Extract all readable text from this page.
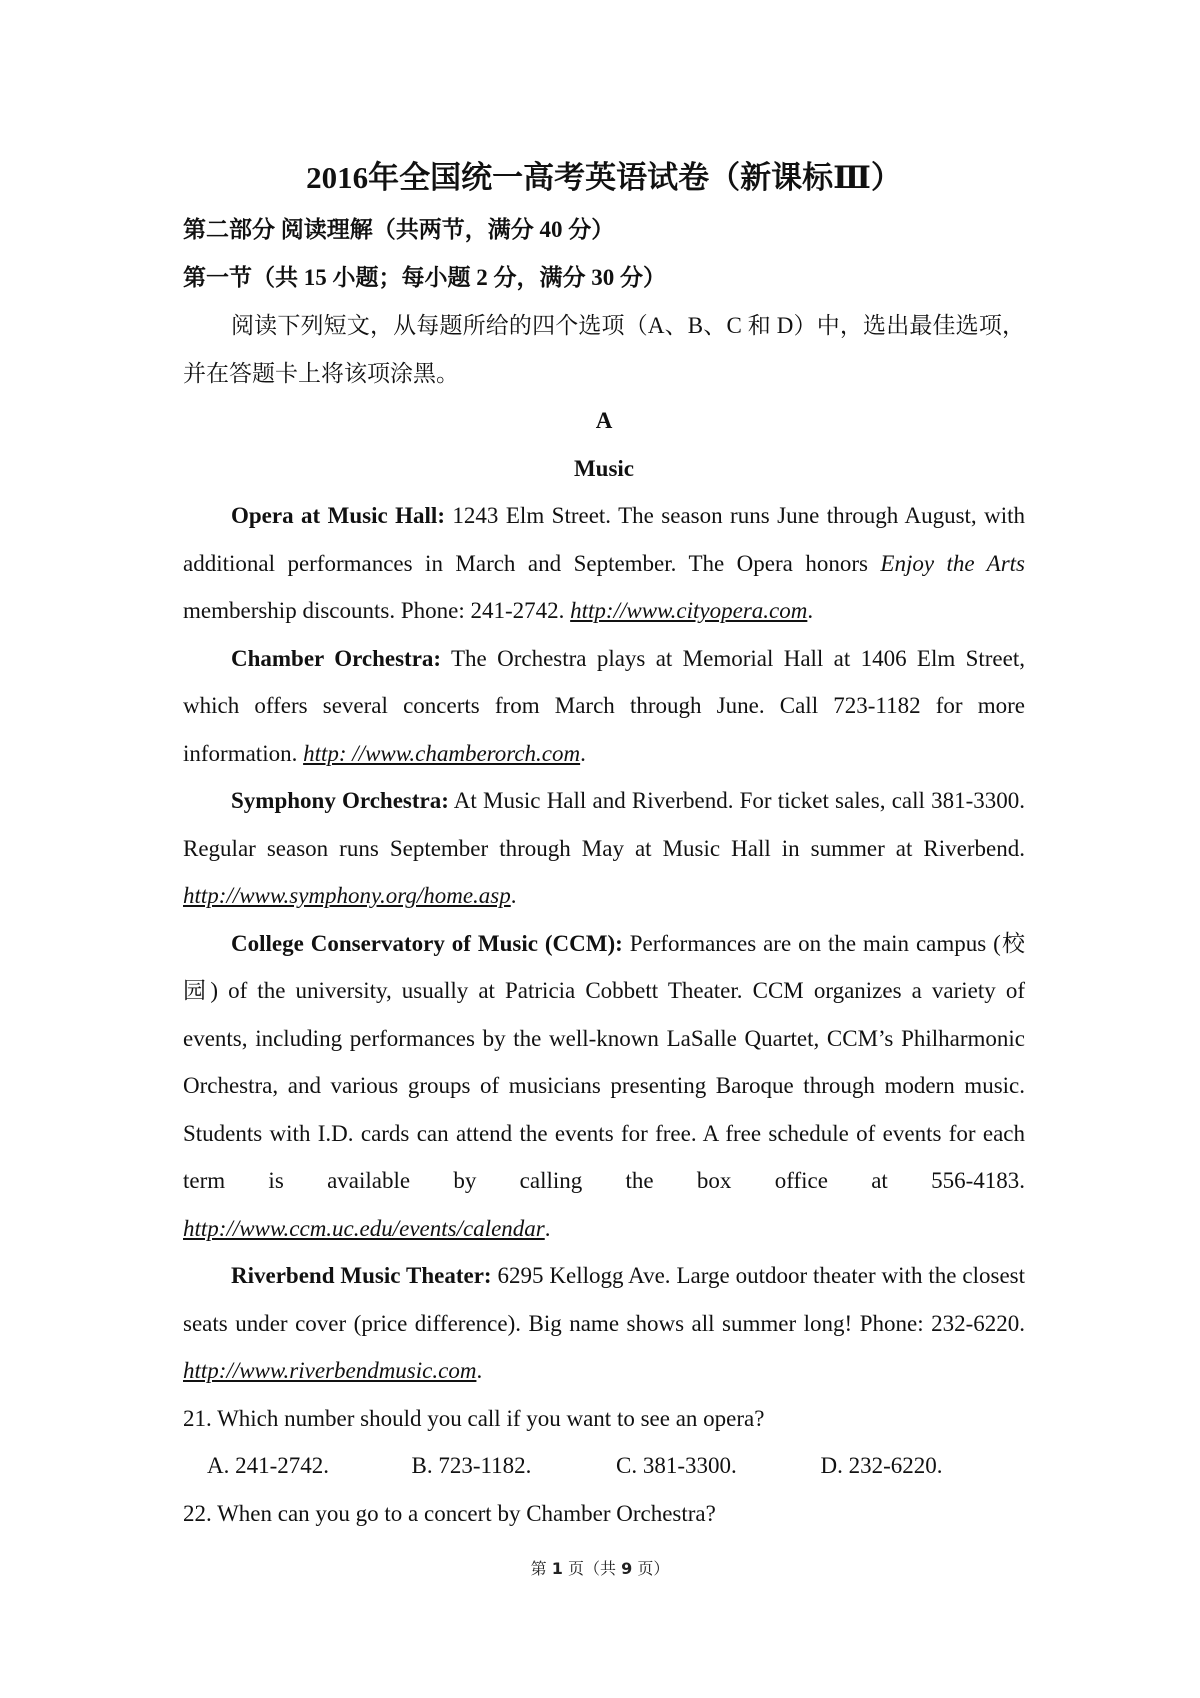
2016年全国统一高考英语试卷（新课标Ⅲ）
第二部分 阅读理解（共两节，满分 40 分）
第一节（共 15 小题；每小题 2 分，满分 30 分）

阅读下列短文，从每题所给的四个选项（A、B、C 和 D）中，选出最佳选项，并在答题卡上将该项涂黑。

A
Music

Opera at Music Hall: 1243 Elm Street. The season runs June through August, with additional performances in March and September. The Opera honors Enjoy the Arts membership discounts. Phone: 241-2742. http://www.cityopera.com.

Chamber Orchestra: The Orchestra plays at Memorial Hall at 1406 Elm Street, which offers several concerts from March through June. Call 723-1182 for more information. http: //www.chamberorch.com.

Symphony Orchestra: At Music Hall and Riverbend. For ticket sales, call 381-3300. Regular season runs September through May at Music Hall in summer at Riverbend. http://www.symphony.org/home.asp.

College Conservatory of Music (CCM): Performances are on the main campus (校园) of the university, usually at Patricia Cobbett Theater. CCM organizes a variety of events, including performances by the well-known LaSalle Quartet, CCM’s Philharmonic Orchestra, and various groups of musicians presenting Baroque through modern music. Students with I.D. cards can attend the events for free. A free schedule of events for each term is available by calling the box office at 556-4183. http://www.ccm.uc.edu/events/calendar.

Riverbend Music Theater: 6295 Kellogg Ave. Large outdoor theater with the closest seats under cover (price difference). Big name shows all summer long! Phone: 232-6220. http://www.riverbendmusic.com.

21. Which number should you call if you want to see an opera?

A. 241-2742.	B. 723-1182.	C. 381-3300.	D. 232-6220.

22. When can you go to a concert by Chamber Orchestra?

第 1 页（共 9 页）
